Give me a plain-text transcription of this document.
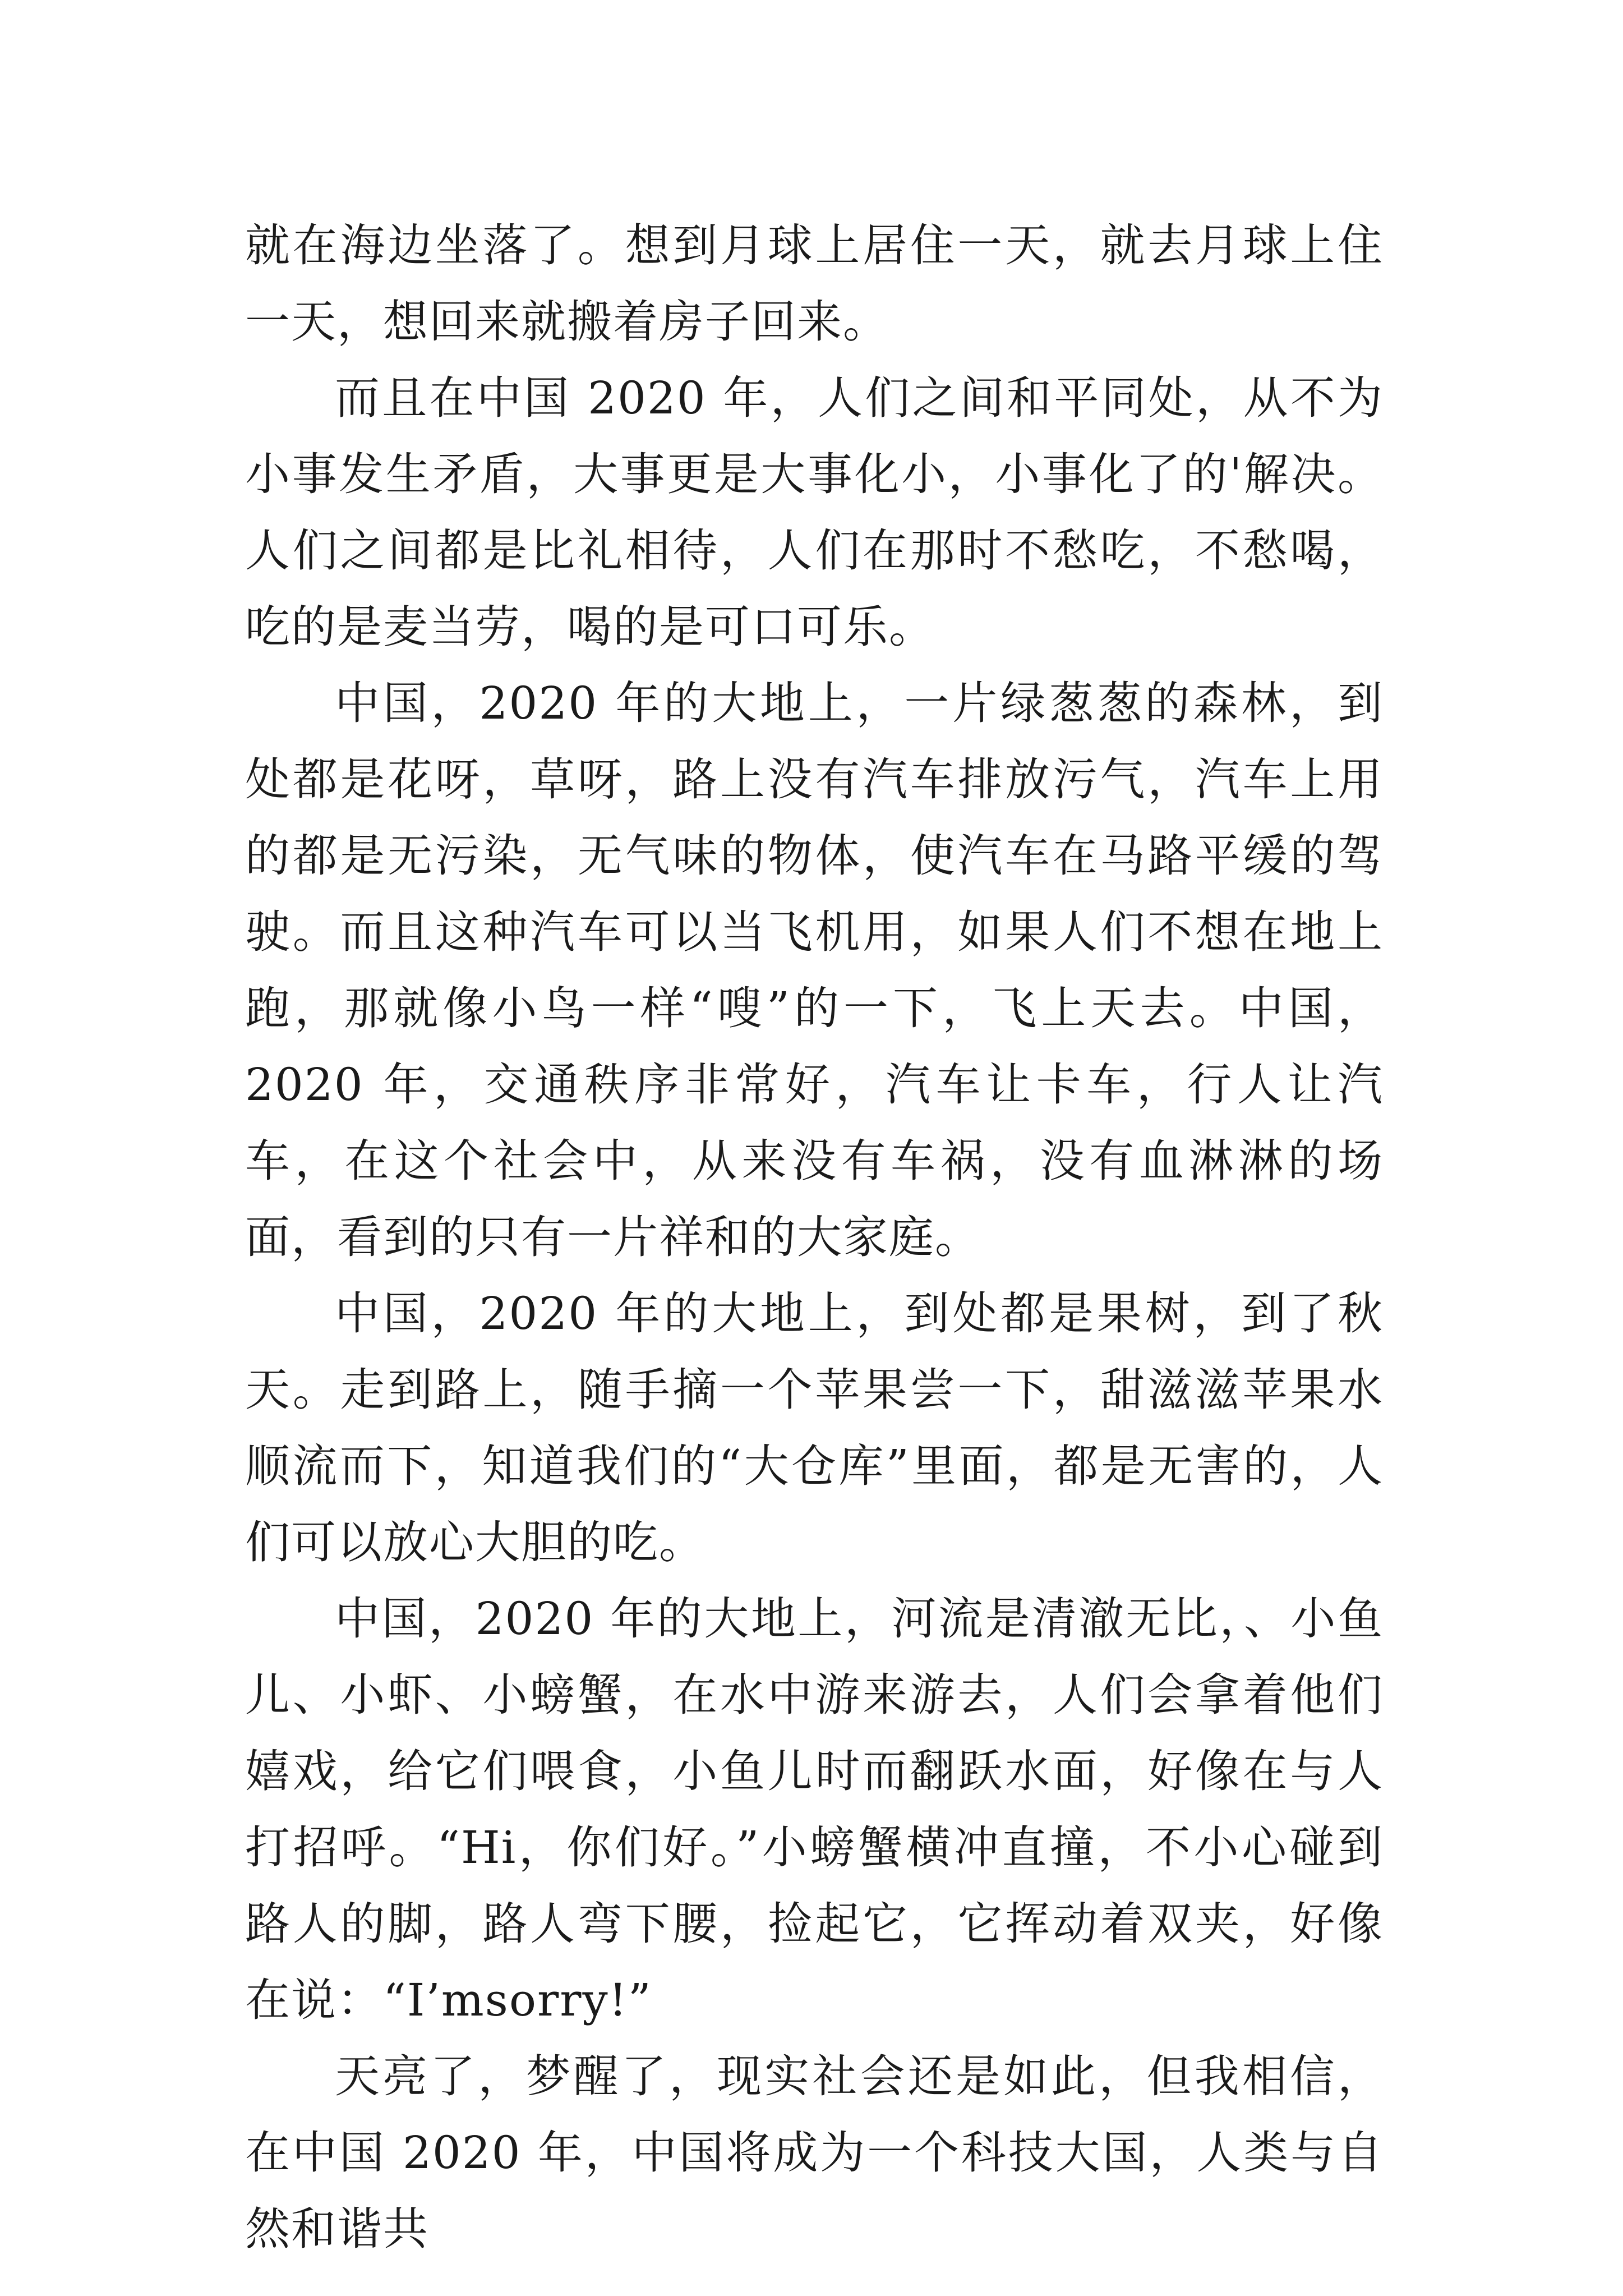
就在海边坐落了。想到月球上居住一天，就去月球上住一天，想回来就搬着房子回来。

而且在中国 2020 年，人们之间和平同处，从不为小事发生矛盾，大事更是大事化小，小事化了的'解决。人们之间都是比礼相待，人们在那时不愁吃，不愁喝，吃的是麦当劳，喝的是可口可乐。

中国，2020 年的大地上，一片绿葱葱的森林，到处都是花呀，草呀，路上没有汽车排放污气，汽车上用的都是无污染，无气味的物体，使汽车在马路平缓的驾驶。而且这种汽车可以当飞机用，如果人们不想在地上跑，那就像小鸟一样“嗖”的一下，飞上天去。中国，2020 年，交通秩序非常好，汽车让卡车，行人让汽车，在这个社会中，从来没有车祸，没有血淋淋的场面，看到的只有一片祥和的大家庭。

中国，2020 年的大地上，到处都是果树，到了秋天。走到路上，随手摘一个苹果尝一下，甜滋滋苹果水顺流而下，知道我们的“大仓库”里面，都是无害的，人们可以放心大胆的吃。

中国，2020 年的大地上，河流是清澈无比，、小鱼儿、小虾、小螃蟹，在水中游来游去，人们会拿着他们嬉戏，给它们喂食，小鱼儿时而翻跃水面，好像在与人打招呼。“Hi，你们好。”小螃蟹横冲直撞，不小心碰到路人的脚，路人弯下腰，捡起它，它挥动着双夹，好像在说：“I’msorry!”

天亮了，梦醒了，现实社会还是如此，但我相信，在中国 2020 年，中国将成为一个科技大国，人类与自然和谐共
